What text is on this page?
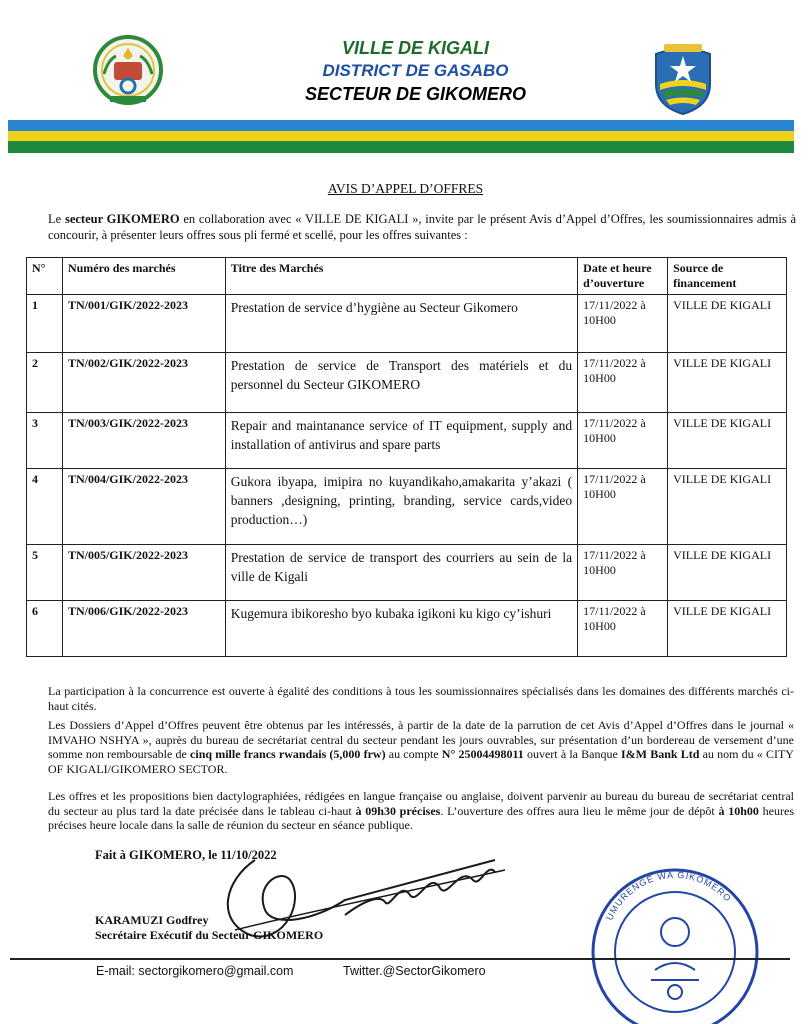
VILLE DE KIGALI
DISTRICT DE GASABO
SECTEUR DE GIKOMERO
AVIS D’APPEL D’OFFRES
Le secteur GIKOMERO en collaboration avec « VILLE DE KIGALI », invite par le présent Avis d’Appel d’Offres, les soumissionnaires admis à concourir, à présenter leurs offres sous pli fermé et scellé, pour les offres suivantes :
N°	Numéro des marchés	Titre des Marchés	Date et heure d’ouverture	Source de financement
1	TN/001/GIK/2022-2023	Prestation de service d’hygiène au Secteur Gikomero	17/11/2022 à 10H00	VILLE DE KIGALI
2	TN/002/GIK/2022-2023	Prestation de service de Transport des matériels et du personnel du Secteur GIKOMERO	17/11/2022 à 10H00	VILLE DE KIGALI
3	TN/003/GIK/2022-2023	Repair and maintanance service of IT equipment, supply and installation of antivirus and spare parts	17/11/2022 à 10H00	VILLE DE KIGALI
4	TN/004/GIK/2022-2023	Gukora ibyapa, imipira no kuyandikaho,amakarita y’akazi ( banners ,designing, printing, branding, service cards,video production…)	17/11/2022 à 10H00	VILLE DE KIGALI
5	TN/005/GIK/2022-2023	Prestation de service de transport des courriers au sein de la ville de Kigali	17/11/2022 à 10H00	VILLE DE KIGALI
6	TN/006/GIK/2022-2023	Kugemura ibikoresho byo kubaka igikoni ku kigo cy’ishuri	17/11/2022 à 10H00	VILLE DE KIGALI
La participation à la concurrence est ouverte à égalité des conditions à tous les soumissionnaires spécialisés dans les domaines des différents marchés ci-haut cités.
Les Dossiers d’Appel d’Offres peuvent être obtenus par les intéressés, à partir de la date de la parrution de cet Avis d’Appel d’Offres dans le journal « IMVAHO NSHYA », auprès du bureau de secrétariat central du secteur pendant les jours ouvrables, sur présentation d’un bordereau de versement d’une somme non remboursable de cinq mille francs rwandais (5,000 frw) au compte N° 25004498011 ouvert à la Banque I&M Bank Ltd au nom du « CITY OF KIGALI/GIKOMERO SECTOR.
Les offres et les propositions bien dactylographiées, rédigées en langue française ou anglaise, doivent parvenir au bureau du bureau de secrétariat central du secteur au plus tard la date précisée dans le tableau ci-haut à 09h30 précises. L’ouverture des offres aura lieu le même jour de dépôt à 10h00 heures précises heure locale dans la salle de réunion du secteur en séance publique.
Fait à GIKOMERO, le 11/10/2022
KARAMUZI Godfrey
Secrétaire Exécutif du Secteur GIKOMERO
UMURENGE WA GIKOMERO
E-mail: sectorgikomero@gmail.com	Twitter.@SectorGikomero
